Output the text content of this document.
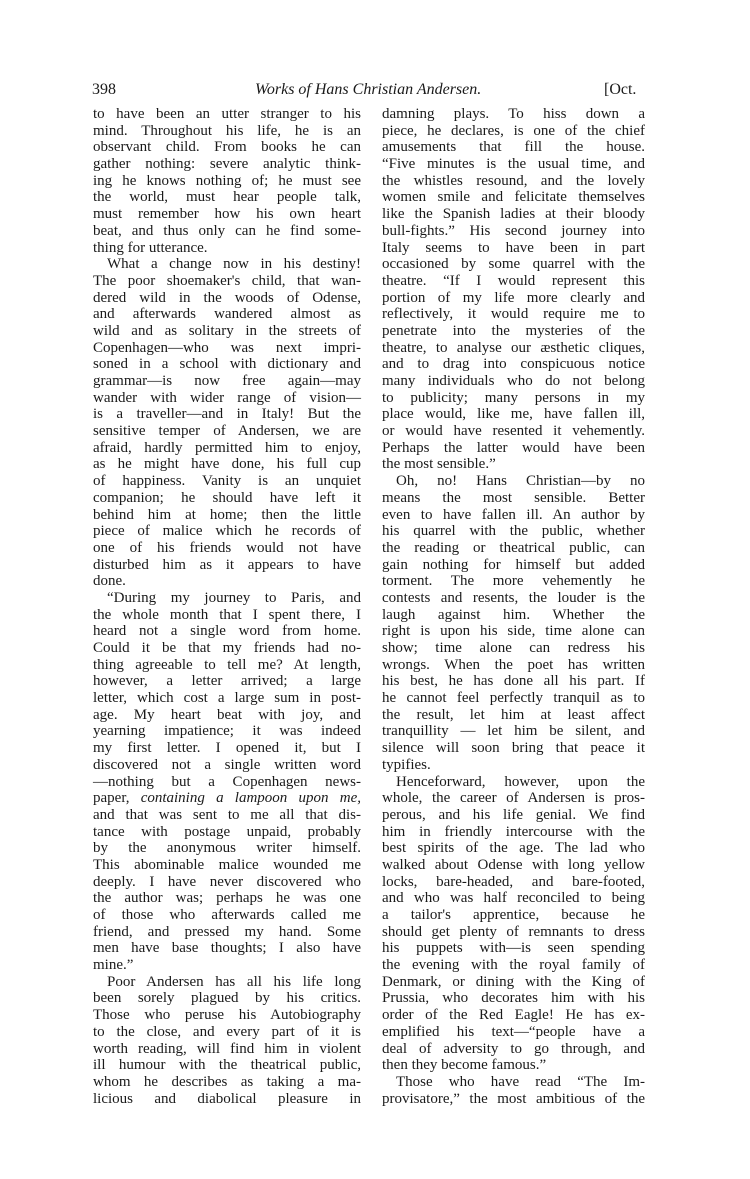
398	Works of Hans Christian Andersen.	[Oct.
to have been an utter stranger to his
mind. Throughout his life, he is an
observant child. From books he can
gather nothing: severe analytic think-
ing he knows nothing of; he must see
the world, must hear people talk,
must remember how his own heart
beat, and thus only can he find some-
thing for utterance.
What a change now in his destiny!
The poor shoemaker's child, that wan-
dered wild in the woods of Odense,
and afterwards wandered almost as
wild and as solitary in the streets of
Copenhagen—who was next impri-
soned in a school with dictionary and
grammar—is now free again—may
wander with wider range of vision—
is a traveller—and in Italy! But the
sensitive temper of Andersen, we are
afraid, hardly permitted him to enjoy,
as he might have done, his full cup
of happiness. Vanity is an unquiet
companion; he should have left it
behind him at home; then the little
piece of malice which he records of
one of his friends would not have
disturbed him as it appears to have
done.
“During my journey to Paris, and
the whole month that I spent there, I
heard not a single word from home.
Could it be that my friends had no-
thing agreeable to tell me? At length,
however, a letter arrived; a large
letter, which cost a large sum in post-
age. My heart beat with joy, and
yearning impatience; it was indeed
my first letter. I opened it, but I
discovered not a single written word
—nothing but a Copenhagen news-
paper, containing a lampoon upon me,
and that was sent to me all that dis-
tance with postage unpaid, probably
by the anonymous writer himself.
This abominable malice wounded me
deeply. I have never discovered who
the author was; perhaps he was one
of those who afterwards called me
friend, and pressed my hand. Some
men have base thoughts; I also have
mine.”
Poor Andersen has all his life long
been sorely plagued by his critics.
Those who peruse his Autobiography
to the close, and every part of it is
worth reading, will find him in violent
ill humour with the theatrical public,
whom he describes as taking a ma-
licious and diabolical pleasure in
damning plays. To hiss down a
piece, he declares, is one of the chief
amusements that fill the house.
“Five minutes is the usual time, and
the whistles resound, and the lovely
women smile and felicitate themselves
like the Spanish ladies at their bloody
bull-fights.” His second journey into
Italy seems to have been in part
occasioned by some quarrel with the
theatre. “If I would represent this
portion of my life more clearly and
reflectively, it would require me to
penetrate into the mysteries of the
theatre, to analyse our æsthetic cliques,
and to drag into conspicuous notice
many individuals who do not belong
to publicity; many persons in my
place would, like me, have fallen ill,
or would have resented it vehemently.
Perhaps the latter would have been
the most sensible.”
Oh, no! Hans Christian—by no
means the most sensible. Better
even to have fallen ill. An author by
his quarrel with the public, whether
the reading or theatrical public, can
gain nothing for himself but added
torment. The more vehemently he
contests and resents, the louder is the
laugh against him. Whether the
right is upon his side, time alone can
show; time alone can redress his
wrongs. When the poet has written
his best, he has done all his part. If
he cannot feel perfectly tranquil as to
the result, let him at least affect
tranquillity — let him be silent, and
silence will soon bring that peace it
typifies.
Henceforward, however, upon the
whole, the career of Andersen is pros-
perous, and his life genial. We find
him in friendly intercourse with the
best spirits of the age. The lad who
walked about Odense with long yellow
locks, bare-headed, and bare-footed,
and who was half reconciled to being
a tailor's apprentice, because he
should get plenty of remnants to dress
his puppets with—is seen spending
the evening with the royal family of
Denmark, or dining with the King of
Prussia, who decorates him with his
order of the Red Eagle! He has ex-
emplified his text—“people have a
deal of adversity to go through, and
then they become famous.”
Those who have read “The Im-
provisatore,” the most ambitious of the
